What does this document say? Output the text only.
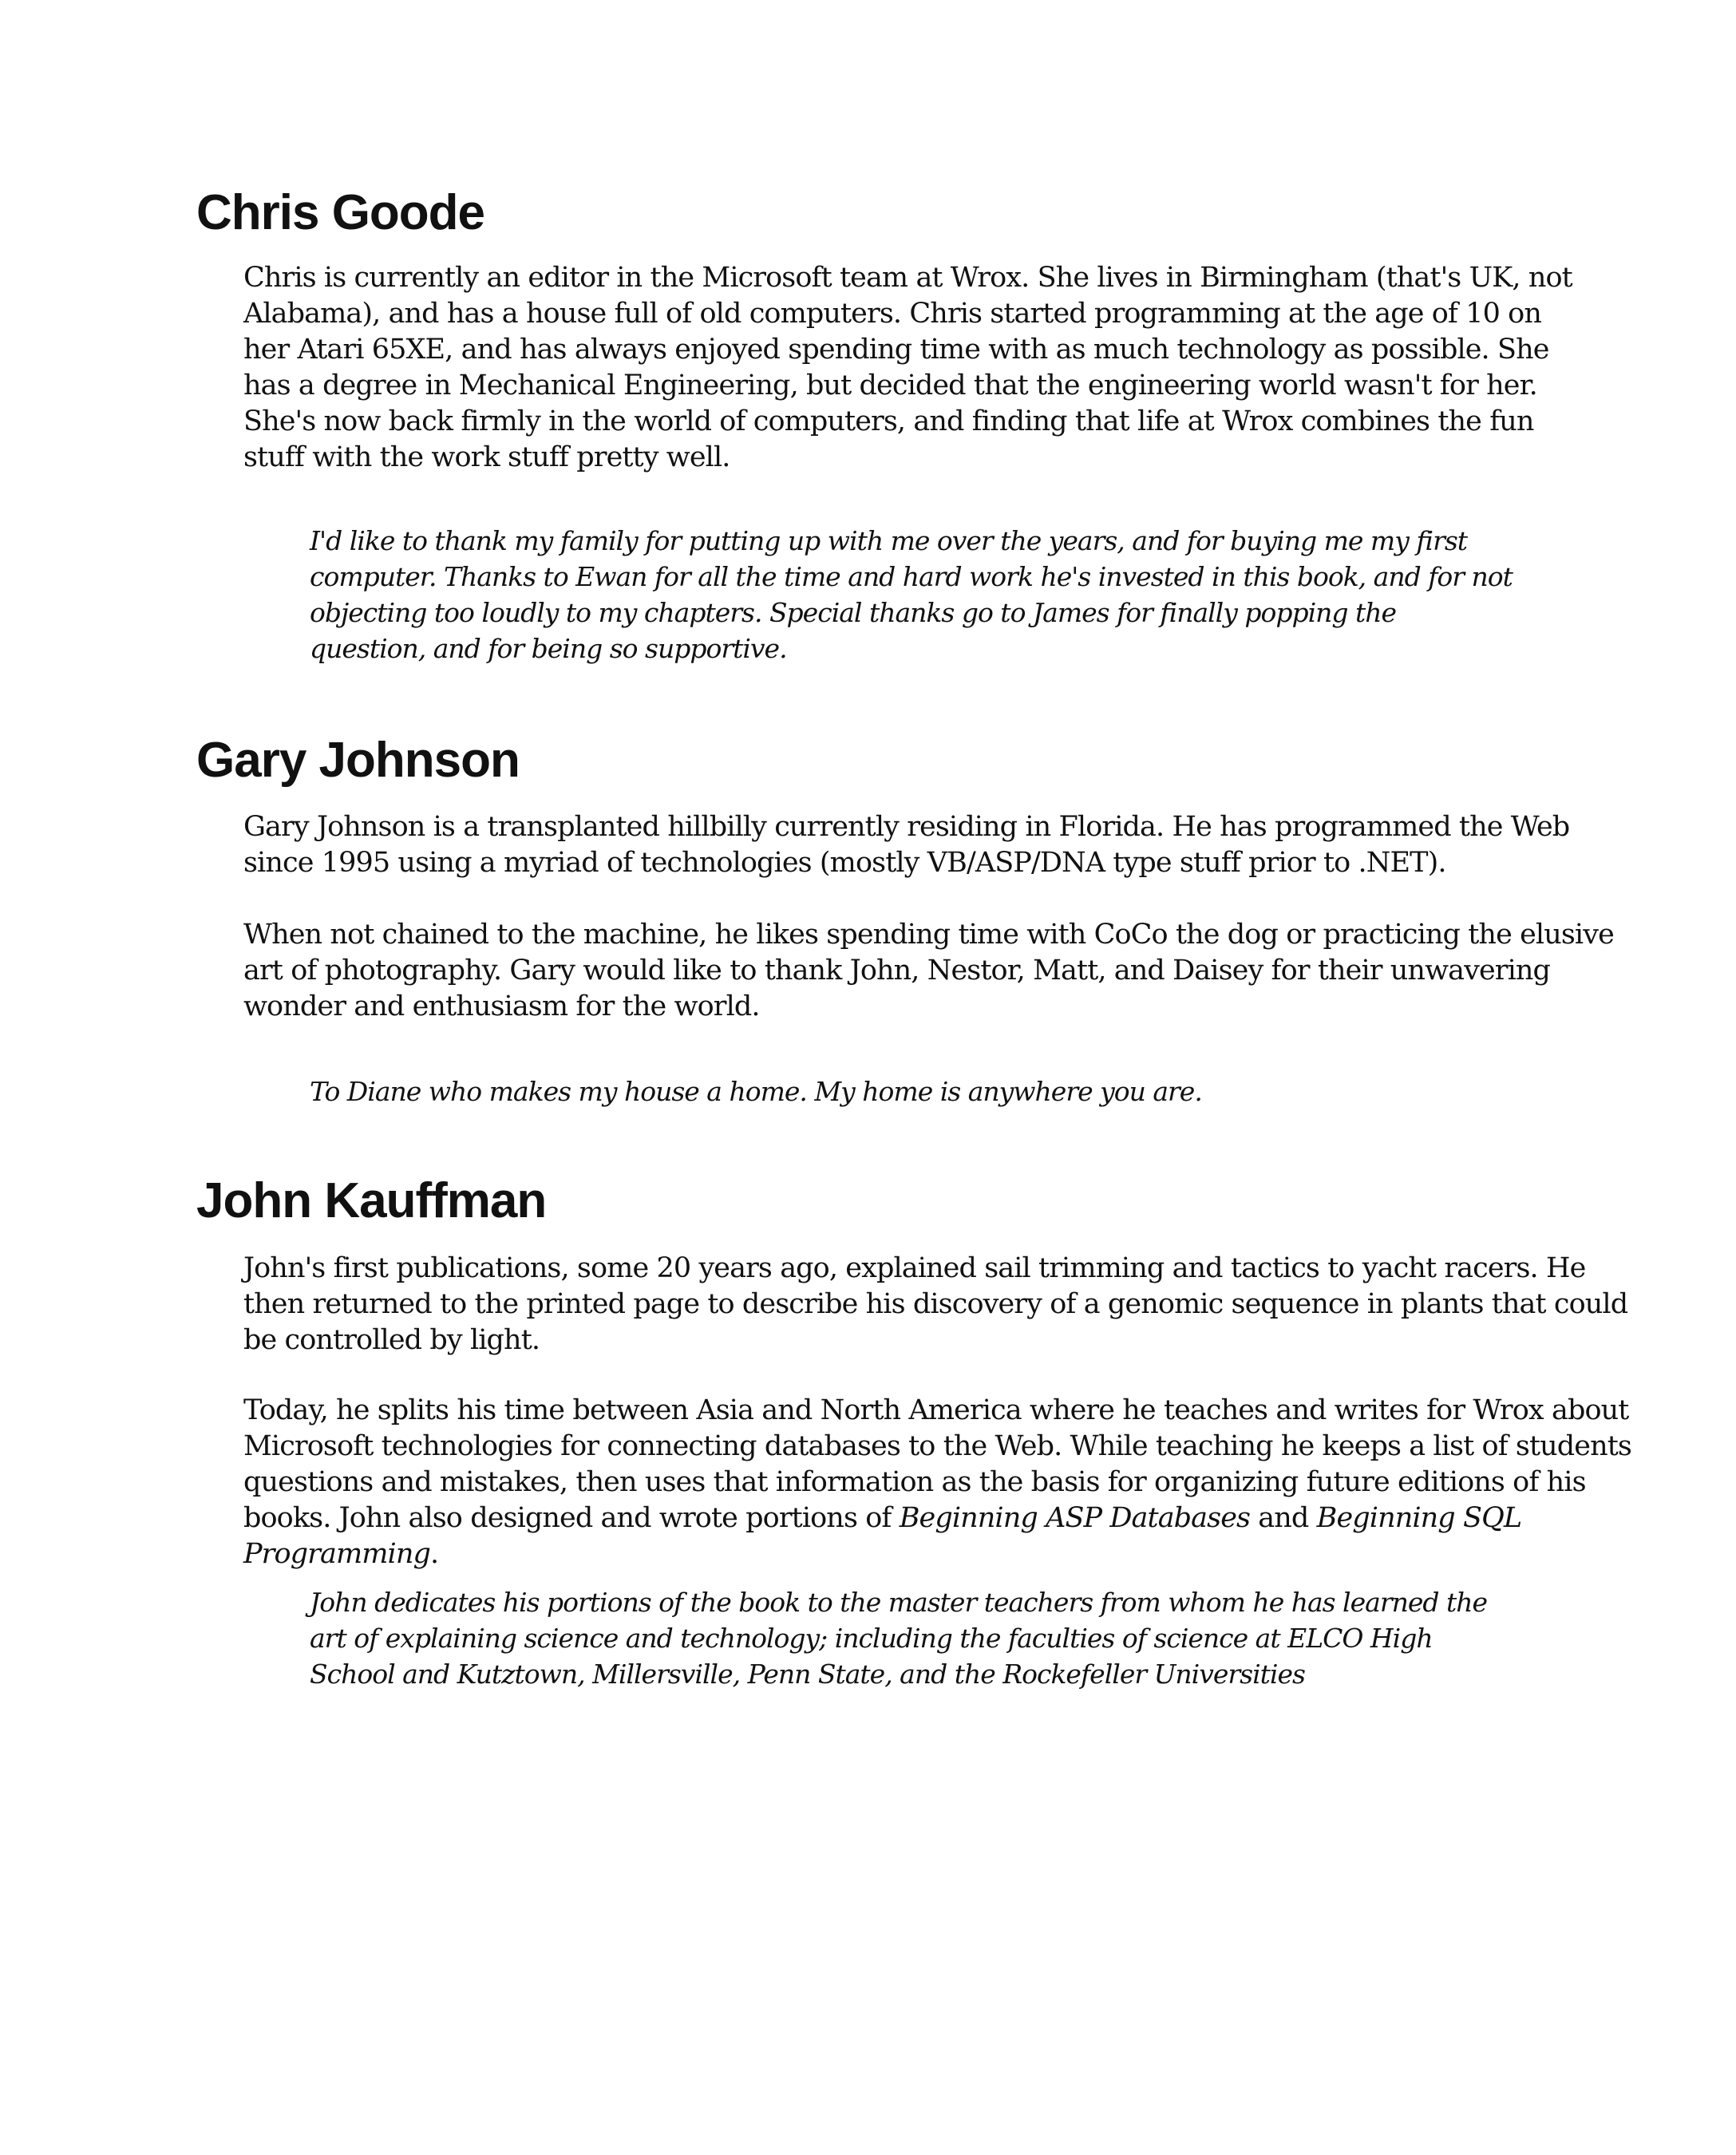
Chris Goode

Chris is currently an editor in the Microsoft team at Wrox. She lives in Birmingham (that's UK, not Alabama), and has a house full of old computers. Chris started programming at the age of 10 on her Atari 65XE, and has always enjoyed spending time with as much technology as possible. She has a degree in Mechanical Engineering, but decided that the engineering world wasn't for her. She's now back firmly in the world of computers, and finding that life at Wrox combines the fun stuff with the work stuff pretty well.

I'd like to thank my family for putting up with me over the years, and for buying me my first computer. Thanks to Ewan for all the time and hard work he's invested in this book, and for not objecting too loudly to my chapters. Special thanks go to James for finally popping the question, and for being so supportive.

Gary Johnson

Gary Johnson is a transplanted hillbilly currently residing in Florida. He has programmed the Web since 1995 using a myriad of technologies (mostly VB/ASP/DNA type stuff prior to .NET).

When not chained to the machine, he likes spending time with CoCo the dog or practicing the elusive art of photography. Gary would like to thank John, Nestor, Matt, and Daisey for their unwavering wonder and enthusiasm for the world.

To Diane who makes my house a home. My home is anywhere you are.

John Kauffman

John's first publications, some 20 years ago, explained sail trimming and tactics to yacht racers. He then returned to the printed page to describe his discovery of a genomic sequence in plants that could be controlled by light.

Today, he splits his time between Asia and North America where he teaches and writes for Wrox about Microsoft technologies for connecting databases to the Web. While teaching he keeps a list of students questions and mistakes, then uses that information as the basis for organizing future editions of his books. John also designed and wrote portions of Beginning ASP Databases and Beginning SQL Programming.

John dedicates his portions of the book to the master teachers from whom he has learned the art of explaining science and technology; including the faculties of science at ELCO High School and Kutztown, Millersville, Penn State, and the Rockefeller Universities
